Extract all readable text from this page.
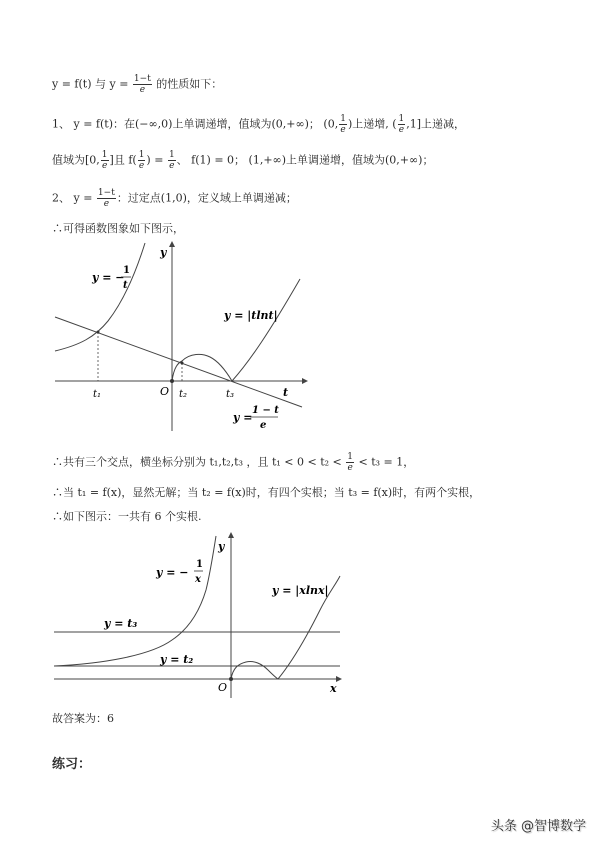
y = f(t) 与 $y = \frac{1-t}{e}$ 的性质如下：
1、 y = f(t)：在(−∞,0)上单调递增，值域为(0,+∞)； (0, $\frac{1}{e}$ )上递增, ( $\frac{1}{e} ,1$]上递减，
值域为[0, $\frac{1}{e}$ ]且 $f( \frac{1}{e}$ ) = $\frac{1}{e}$ 、 f(1) = 0； (1,+∞)上单调递增，值域为(0,+∞)；
2、 $y = \frac{1-t}{e}$ ：过定点(1,0)，定义域上单调递减；
∴可得函数图象如下图示，
y
t
O
t₁	t₂	t₃
y = −
1
t
y = |tlnt|
y =
1 − t
e
∴共有三个交点，横坐标分别为 t₁,t₂,t₃ ，且 $t_1 < 0 < t_2 < \frac{1}{e} < t_3 = 1$，
∴当 t₁ = f(x)，显然无解；当 t₂ = f(x)时，有四个实根；当 t₃ = f(x)时，有两个实根，
∴如下图示：一共有 6 个实根.
y
x
O
y = −
1
x
y = |xlnx|
y = t₃
y = t₂
故答案为：6
练习：
头条 @智博数学
